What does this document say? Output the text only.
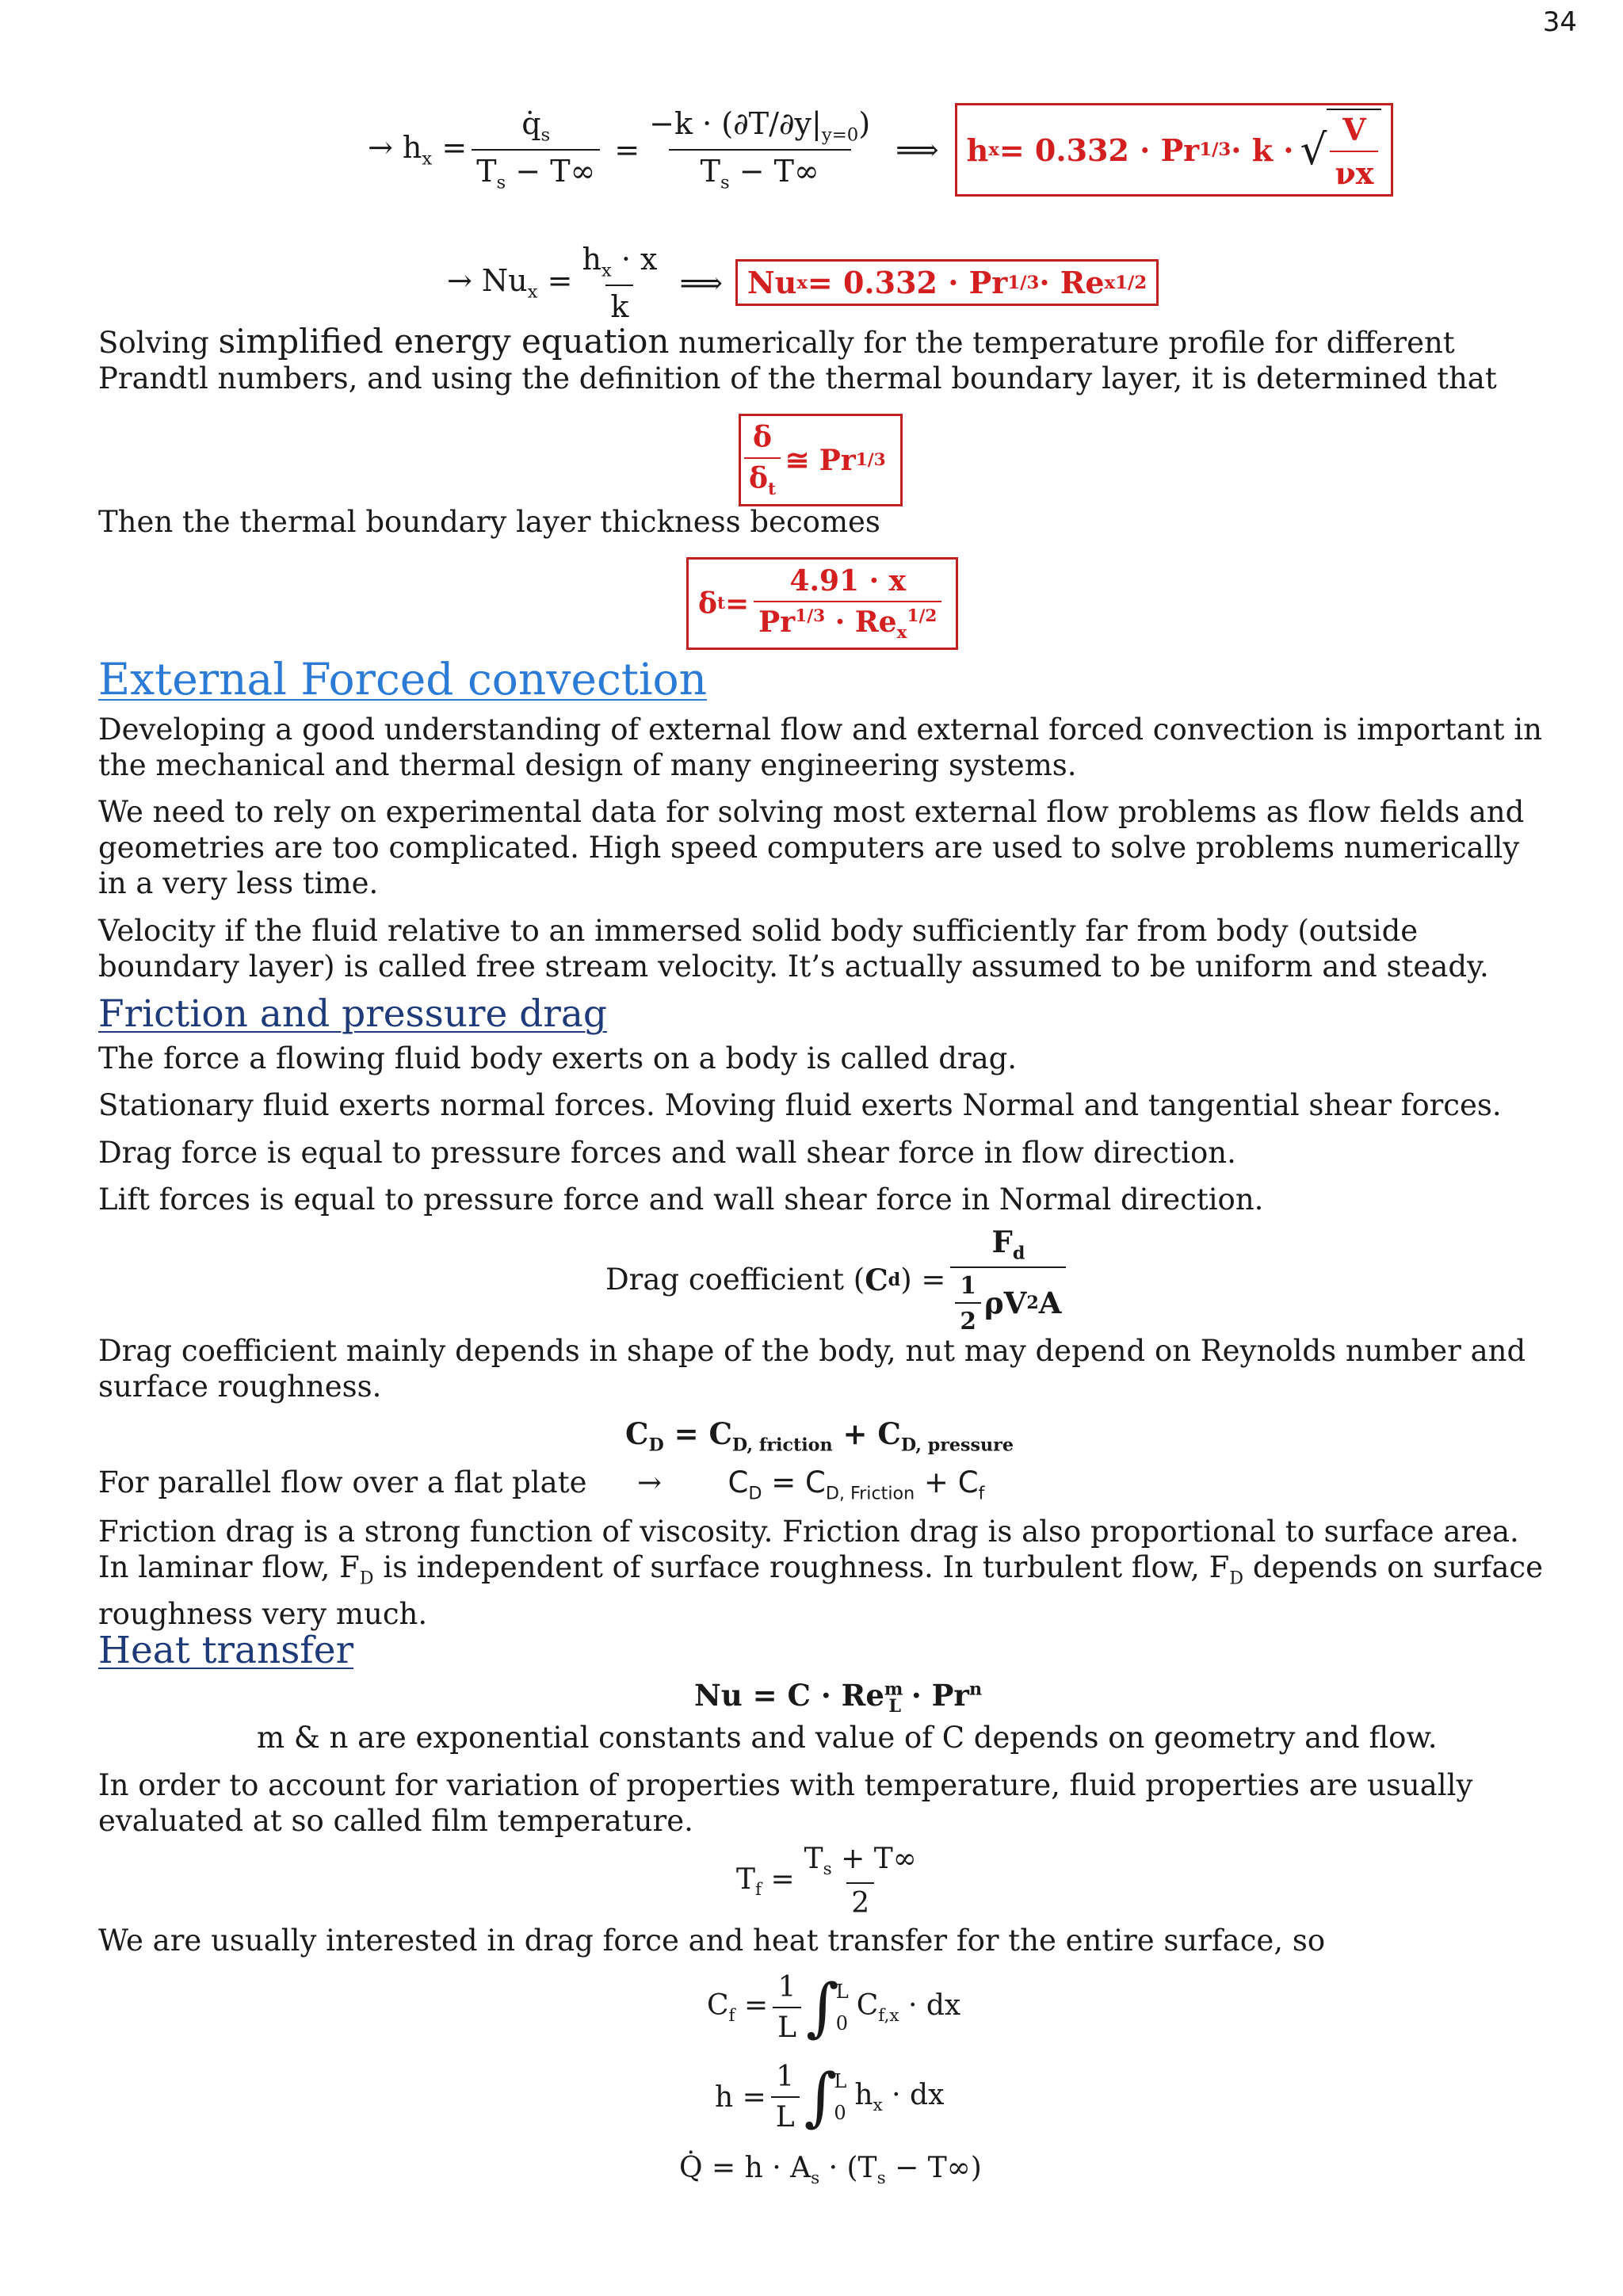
34
→ $h_x = \frac{q̇_s}{T_s - T\infty} = \frac{-k \cdot (\partial T/\partial y|_{y=0})}{T_s - T\infty}$ ⟹ h x = 0.332 · Pr 1/3 · k · √ $\frac{V}{\nu x}$
→ $Nu_x = \frac{h_x \cdot x}{k}$ ⟹ Nu x = 0.332 · Pr 1/3 · Re x 1/2
Solving simplified energy equation numerically for the temperature profile for different Prandtl numbers, and using the definition of the thermal boundary layer, it is determined that
$\frac{\delta}{\delta_t}$ ≅ Pr 1/3
Then the thermal boundary layer thickness becomes
δ $t = \frac{4.91 \cdot x}{Pr^{1/3} \cdot Re_x^{1/2}}$
External Forced convection
Developing a good understanding of external flow and external forced convection is important in the mechanical and thermal design of many engineering systems.
We need to rely on experimental data for solving most external flow problems as flow fields and geometries are too complicated. High speed computers are used to solve problems numerically in a very less time.
Velocity if the fluid relative to an immersed solid body sufficiently far from body (outside boundary layer) is called free stream velocity. It’s actually assumed to be uniform and steady.
Friction and pressure drag
The force a flowing fluid body exerts on a body is called drag.
Stationary fluid exerts normal forces. Moving fluid exerts Normal and tangential shear forces.
Drag force is equal to pressure forces and wall shear force in flow direction.
Lift forces is equal to pressure force and wall shear force in Normal direction.
Drag coefficient ( C d ) = $\frac{F_d}{\frac{1}{2} \rho V 2 A}$
Drag coefficient mainly depends in shape of the body, nut may depend on Reynolds number and surface roughness.
$C_D = C_{D, friction} + C_{D, pressure}$
For parallel flow over a flat plate → $C_D = C_{D, Friction} + C_f$
Friction drag is a strong function of viscosity. Friction drag is also proportional to surface area. In laminar flow, $F_D$ is independent of surface roughness. In turbulent flow, $F_D$ depends on surface roughness very much.
Heat transfer
$Nu = C \cdot Re^m_L \cdot Pr^n$
m & n are exponential constants and value of C depends on geometry and flow.
In order to account for variation of properties with temperature, fluid properties are usually evaluated at so called film temperature.
$T_f = \frac{T_s + T\infty}{2}$
We are usually interested in drag force and heat transfer for the entire surface, so
$C_f = \frac{1}{L}$ ∫
L
0
$C_{f,x}$ · dx
$h = \frac{1}{L}$ ∫
L
0
$h_x$ · dx
Q̇ = $h \cdot A_s \cdot (T_s - T\infty)$
